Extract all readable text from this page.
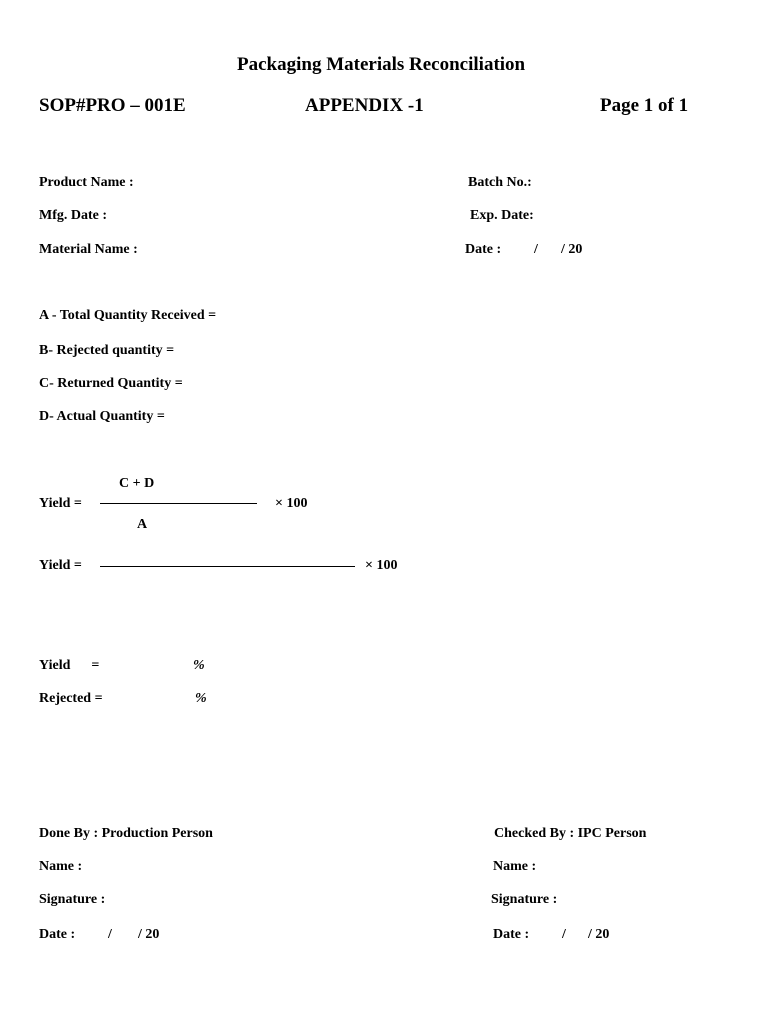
Packaging Materials Reconciliation
SOP#PRO – 001E	APPENDIX -1	Page 1 of 1
Product Name :	Batch No.:
Mfg. Date :	Exp. Date:
Material Name :	Date : / / 20
A - Total Quantity Received =
B- Rejected quantity =
C- Returned Quantity =
D- Actual Quantity =
C + D
Yield =	× 100
A
Yield =	× 100
Yield      =	%
Rejected =	%
Done By : Production Person	Checked By : IPC Person
Name :	Name :
Signature :	Signature :
Date : / / 20	Date : / / 20
